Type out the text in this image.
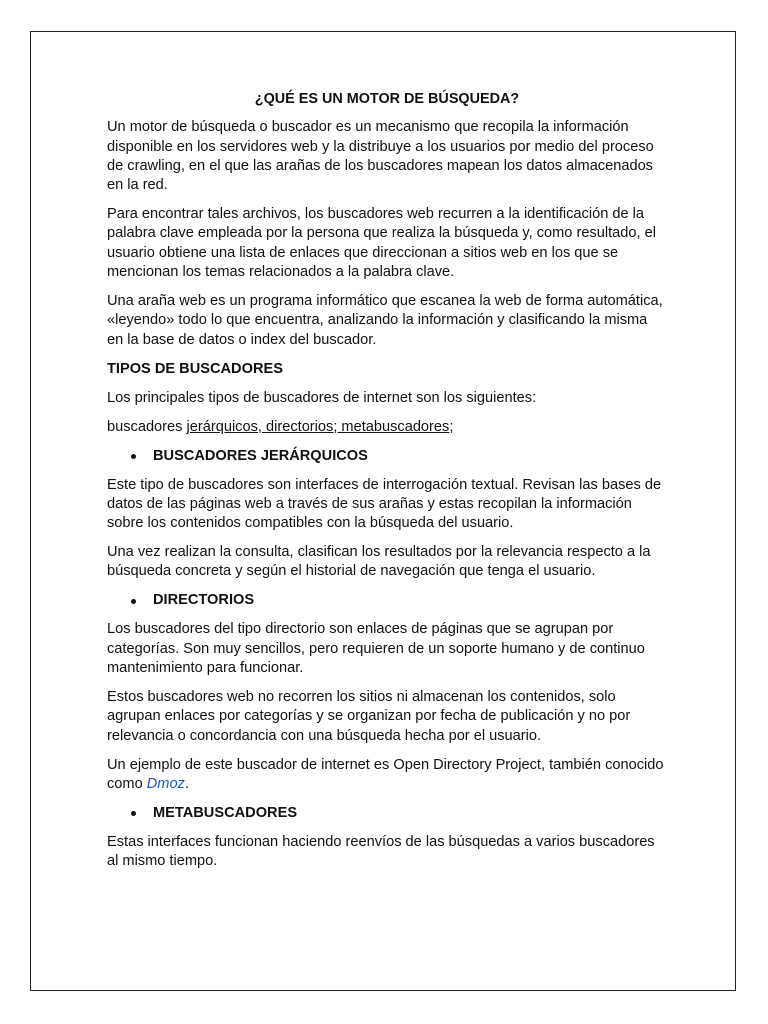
¿QUÉ ES UN MOTOR DE BÚSQUEDA?

Un motor de búsqueda o buscador es un mecanismo que recopila la información disponible en los servidores web y la distribuye a los usuarios por medio del proceso de crawling, en el que las arañas de los buscadores mapean los datos almacenados en la red.

Para encontrar tales archivos, los buscadores web recurren a la identificación de la palabra clave empleada por la persona que realiza la búsqueda y, como resultado, el usuario obtiene una lista de enlaces que direccionan a sitios web en los que se mencionan los temas relacionados a la palabra clave.

Una araña web es un programa informático que escanea la web de forma automática, «leyendo» todo lo que encuentra, analizando la información y clasificando la misma en la base de datos o index del buscador.

TIPOS DE BUSCADORES

Los principales tipos de buscadores de internet son los siguientes:

buscadores jerárquicos, directorios; metabuscadores;

BUSCADORES JERÁRQUICOS

Este tipo de buscadores son interfaces de interrogación textual. Revisan las bases de datos de las páginas web a través de sus arañas y estas recopilan la información sobre los contenidos compatibles con la búsqueda del usuario.

Una vez realizan la consulta, clasifican los resultados por la relevancia respecto a la búsqueda concreta y según el historial de navegación que tenga el usuario.

DIRECTORIOS

Los buscadores del tipo directorio son enlaces de páginas que se agrupan por categorías. Son muy sencillos, pero requieren de un soporte humano y de continuo mantenimiento para funcionar.

Estos buscadores web no recorren los sitios ni almacenan los contenidos, solo agrupan enlaces por categorías y se organizan por fecha de publicación y no por relevancia o concordancia con una búsqueda hecha por el usuario.

Un ejemplo de este buscador de internet es Open Directory Project, también conocido como Dmoz.

METABUSCADORES

Estas interfaces funcionan haciendo reenvíos de las búsquedas a varios buscadores al mismo tiempo.
